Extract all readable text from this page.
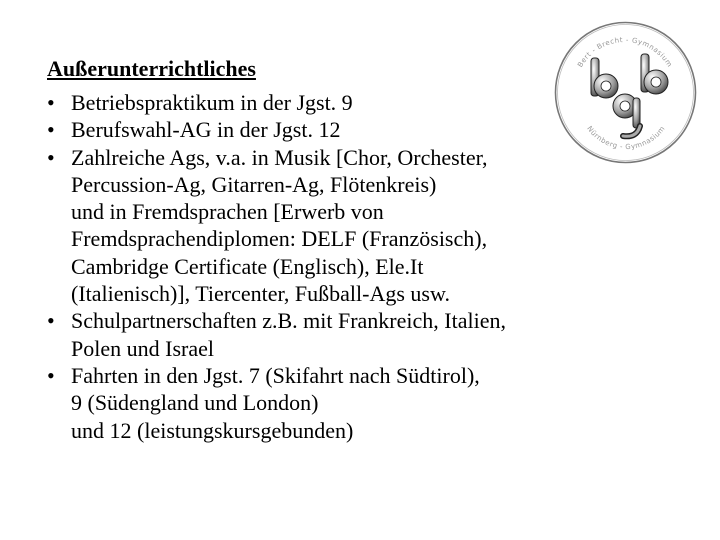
Außerunterrichtliches
• Betriebspraktikum in der Jgst. 9
• Berufswahl-AG in der Jgst. 12
• Zahlreiche Ags, v.a. in Musik [Chor, Orchester,
Percussion-Ag, Gitarren-Ag, Flötenkreis)
und in Fremdsprachen [Erwerb von
Fremdsprachendiplomen: DELF (Französisch),
Cambridge Certificate (Englisch), Ele.It
(Italienisch)], Tiercenter, Fußball-Ags usw.
• Schulpartnerschaften z.B. mit Frankreich, Italien,
Polen und Israel
• Fahrten in den Jgst. 7 (Skifahrt nach Südtirol),
9 (Südengland und London)
und 12 (leistungskursgebunden)
Bert - Brecht - Gymnasium
Nürnberg - Gymnasium
